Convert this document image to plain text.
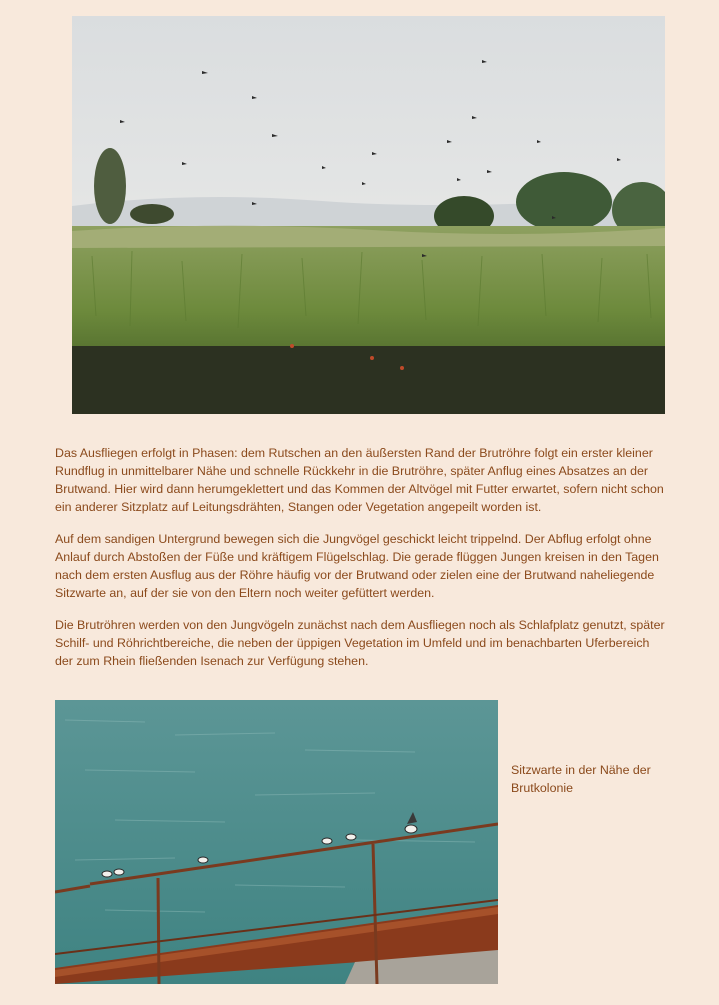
Das Ausfliegen erfolgt in Phasen: dem Rutschen an den äußersten Rand der Brutröhre folgt ein erster kleiner Rundflug in unmittelbarer Nähe und schnelle Rückkehr in die Brutröhre, später Anflug eines Absatzes an der Brutwand. Hier wird dann herumgeklettert und das Kommen der Altvögel mit Futter erwartet, sofern nicht schon ein anderer Sitzplatz auf Leitungsdrähten, Stangen oder Vegetation angepeilt worden ist.

Auf dem sandigen Untergrund bewegen sich die Jungvögel geschickt leicht trippelnd. Der Abflug erfolgt ohne Anlauf durch Abstoßen der Füße und kräftigem Flügelschlag. Die gerade flüggen Jungen kreisen in den Tagen nach dem ersten Ausflug aus der Röhre häufig vor der Brutwand oder zielen eine der Brutwand naheliegende Sitzwarte an, auf der sie von den Eltern noch weiter gefüttert werden.

Die Brutröhren werden von den Jungvögeln zunächst nach dem Ausfliegen noch als Schlafplatz genutzt, später Schilf- und Röhrichtbereiche, die neben der üppigen Vegetation im Umfeld und im benachbarten Uferbereich der zum Rhein fließenden Isenach zur Verfügung stehen.

Sitzwarte in der Nähe der Brutkolonie
